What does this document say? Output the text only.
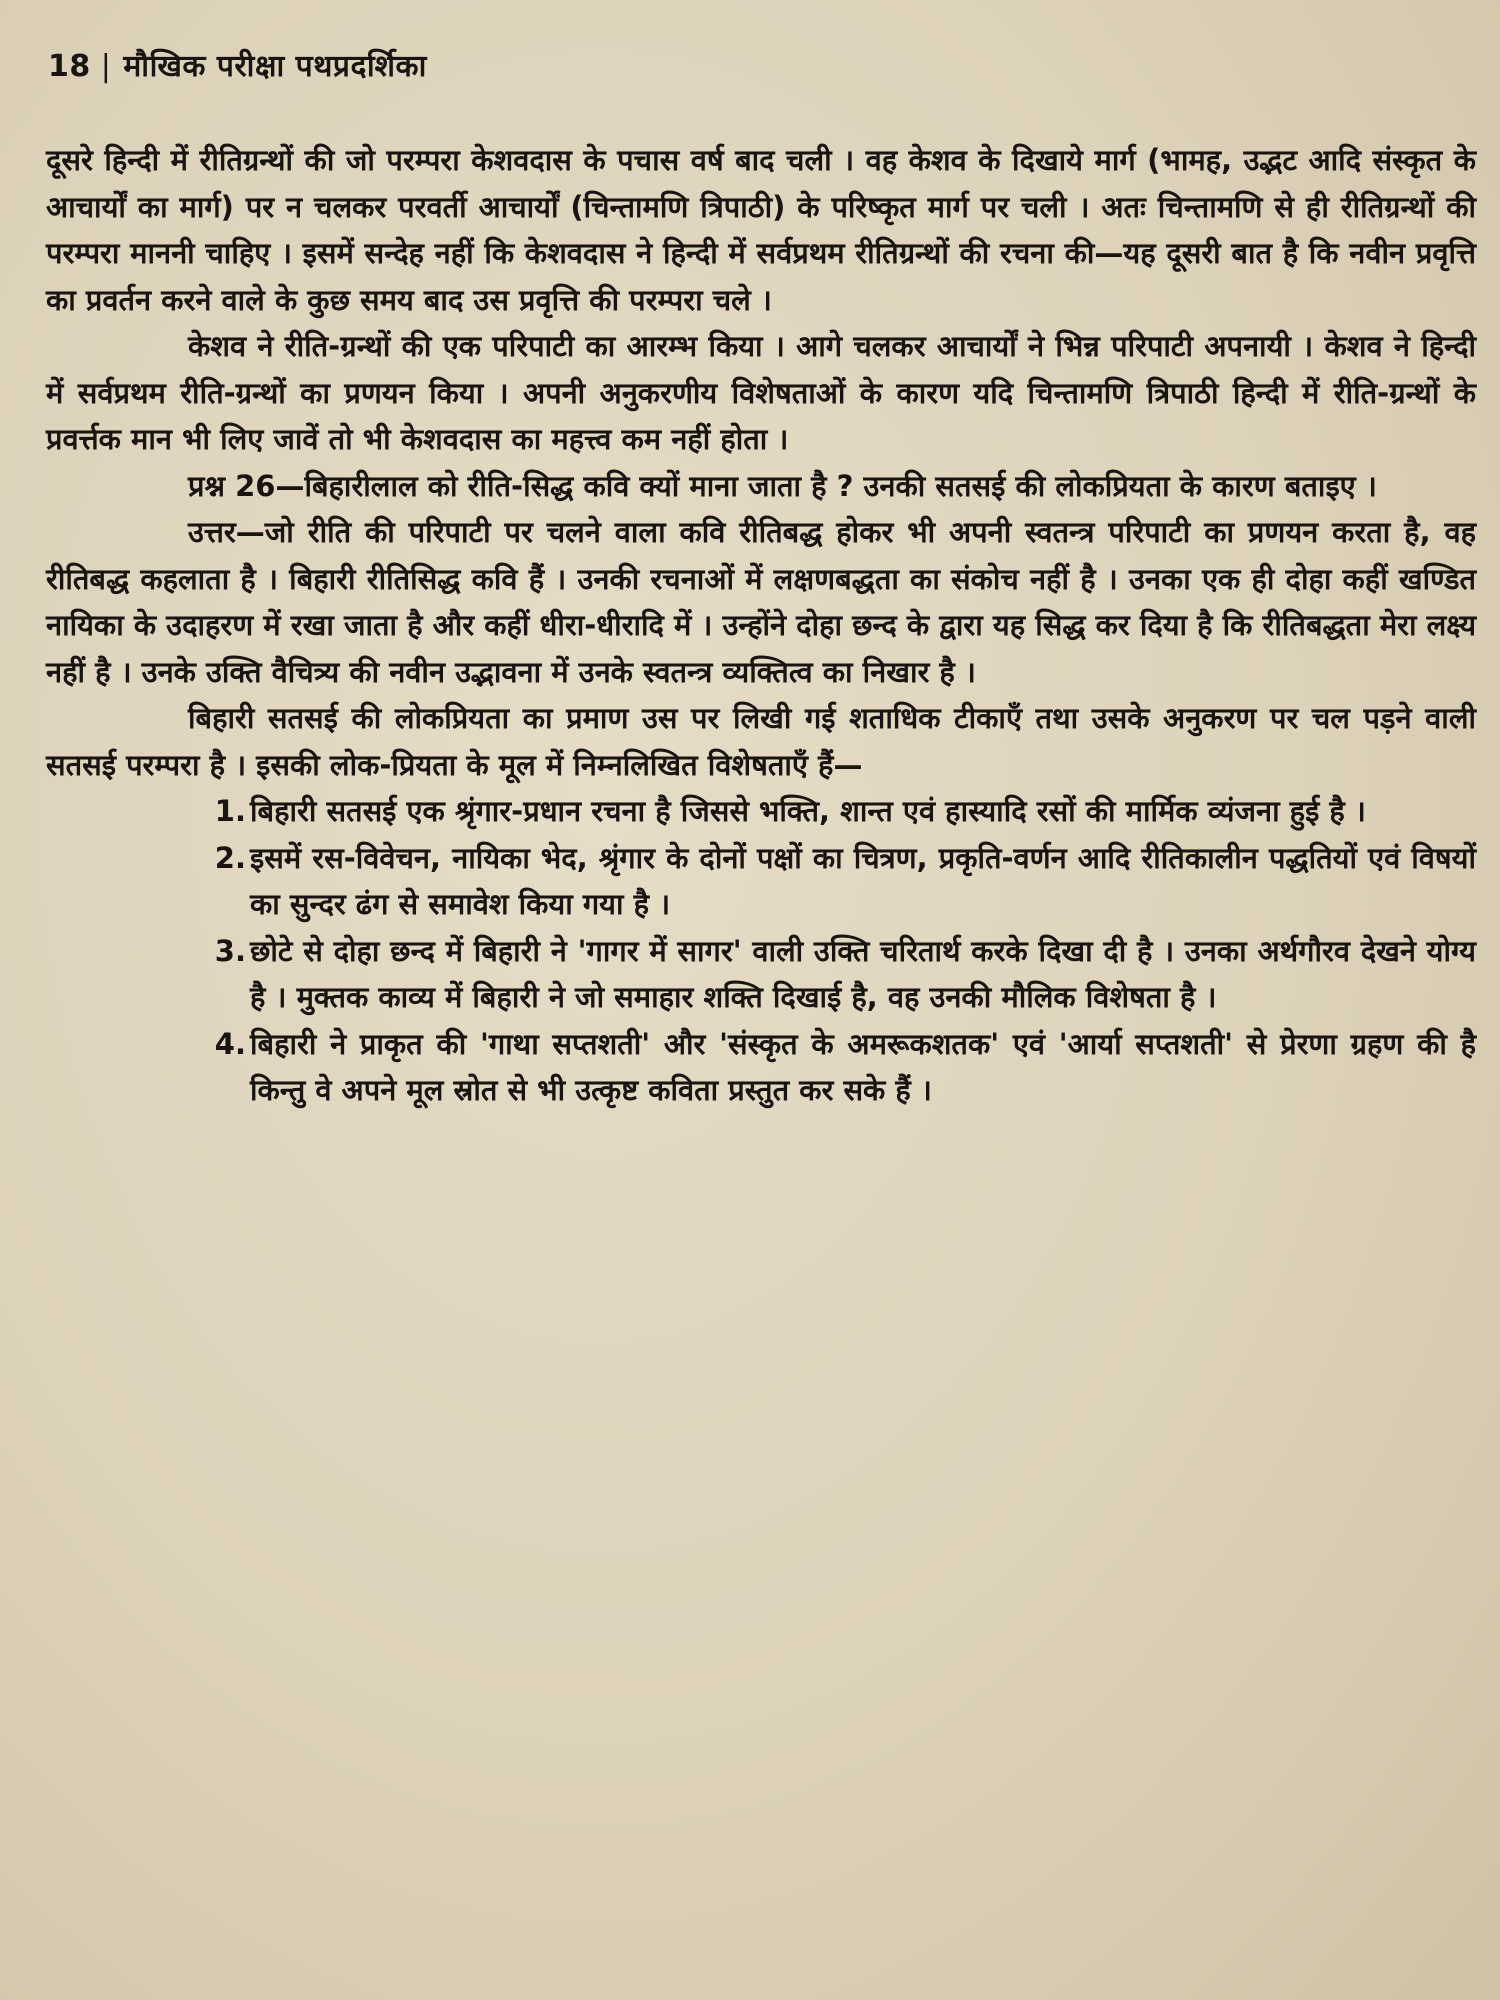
18 | मौखिक परीक्षा पथप्रदर्शिका

दूसरे हिन्दी में रीतिग्रन्थों की जो परम्परा केशवदास के पचास वर्ष बाद चली । वह केशव के दिखाये मार्ग (भामह, उद्भट आदि संस्कृत के आचार्यों का मार्ग) पर न चलकर परवर्ती आचार्यों (चिन्तामणि त्रिपाठी) के परिष्कृत मार्ग पर चली । अतः चिन्तामणि से ही रीतिग्रन्थों की परम्परा माननी चाहिए । इसमें सन्देह नहीं कि केशवदास ने हिन्दी में सर्वप्रथम रीतिग्रन्थों की रचना की—यह दूसरी बात है कि नवीन प्रवृत्ति का प्रवर्तन करने वाले के कुछ समय बाद उस प्रवृत्ति की परम्परा चले ।

केशव ने रीति-ग्रन्थों की एक परिपाटी का आरम्भ किया । आगे चलकर आचार्यों ने भिन्न परिपाटी अपनायी । केशव ने हिन्दी में सर्वप्रथम रीति-ग्रन्थों का प्रणयन किया । अपनी अनुकरणीय विशेषताओं के कारण यदि चिन्तामणि त्रिपाठी हिन्दी में रीति-ग्रन्थों के प्रवर्त्तक मान भी लिए जावें तो भी केशवदास का महत्त्व कम नहीं होता ।

प्रश्न 26—बिहारीलाल को रीति-सिद्ध कवि क्यों माना जाता है ? उनकी सतसई की लोकप्रियता के कारण बताइए ।

उत्तर—जो रीति की परिपाटी पर चलने वाला कवि रीतिबद्ध होकर भी अपनी स्वतन्त्र परिपाटी का प्रणयन करता है, वह रीतिबद्ध कहलाता है । बिहारी रीतिसिद्ध कवि हैं । उनकी रचनाओं में लक्षणबद्धता का संकोच नहीं है । उनका एक ही दोहा कहीं खण्डित नायिका के उदाहरण में रखा जाता है और कहीं धीरा-धीरादि में । उन्होंने दोहा छन्द के द्वारा यह सिद्ध कर दिया है कि रीतिबद्धता मेरा लक्ष्य नहीं है । उनके उक्ति वैचित्र्य की नवीन उद्भावना में उनके स्वतन्त्र व्यक्तित्व का निखार है ।

बिहारी सतसई की लोकप्रियता का प्रमाण उस पर लिखी गई शताधिक टीकाएँ तथा उसके अनुकरण पर चल पड़ने वाली सतसई परम्परा है । इसकी लोक-प्रियता के मूल में निम्नलिखित विशेषताएँ हैं—

1. बिहारी सतसई एक श्रृंगार-प्रधान रचना है जिससे भक्ति, शान्त एवं हास्यादि रसों की मार्मिक व्यंजना हुई है ।
2. इसमें रस-विवेचन, नायिका भेद, श्रृंगार के दोनों पक्षों का चित्रण, प्रकृति-वर्णन आदि रीतिकालीन पद्धतियों एवं विषयों का सुन्दर ढंग से समावेश किया गया है ।
3. छोटे से दोहा छन्द में बिहारी ने 'गागर में सागर' वाली उक्ति चरितार्थ करके दिखा दी है । उनका अर्थगौरव देखने योग्य है । मुक्तक काव्य में बिहारी ने जो समाहार शक्ति दिखाई है, वह उनकी मौलिक विशेषता है ।
4. बिहारी ने प्राकृत की 'गाथा सप्तशती' और 'संस्कृत के अमरूकशतक' एवं 'आर्या सप्तशती' से प्रेरणा ग्रहण की है किन्तु वे अपने मूल स्रोत से भी उत्कृष्ट कविता प्रस्तुत कर सके हैं ।
